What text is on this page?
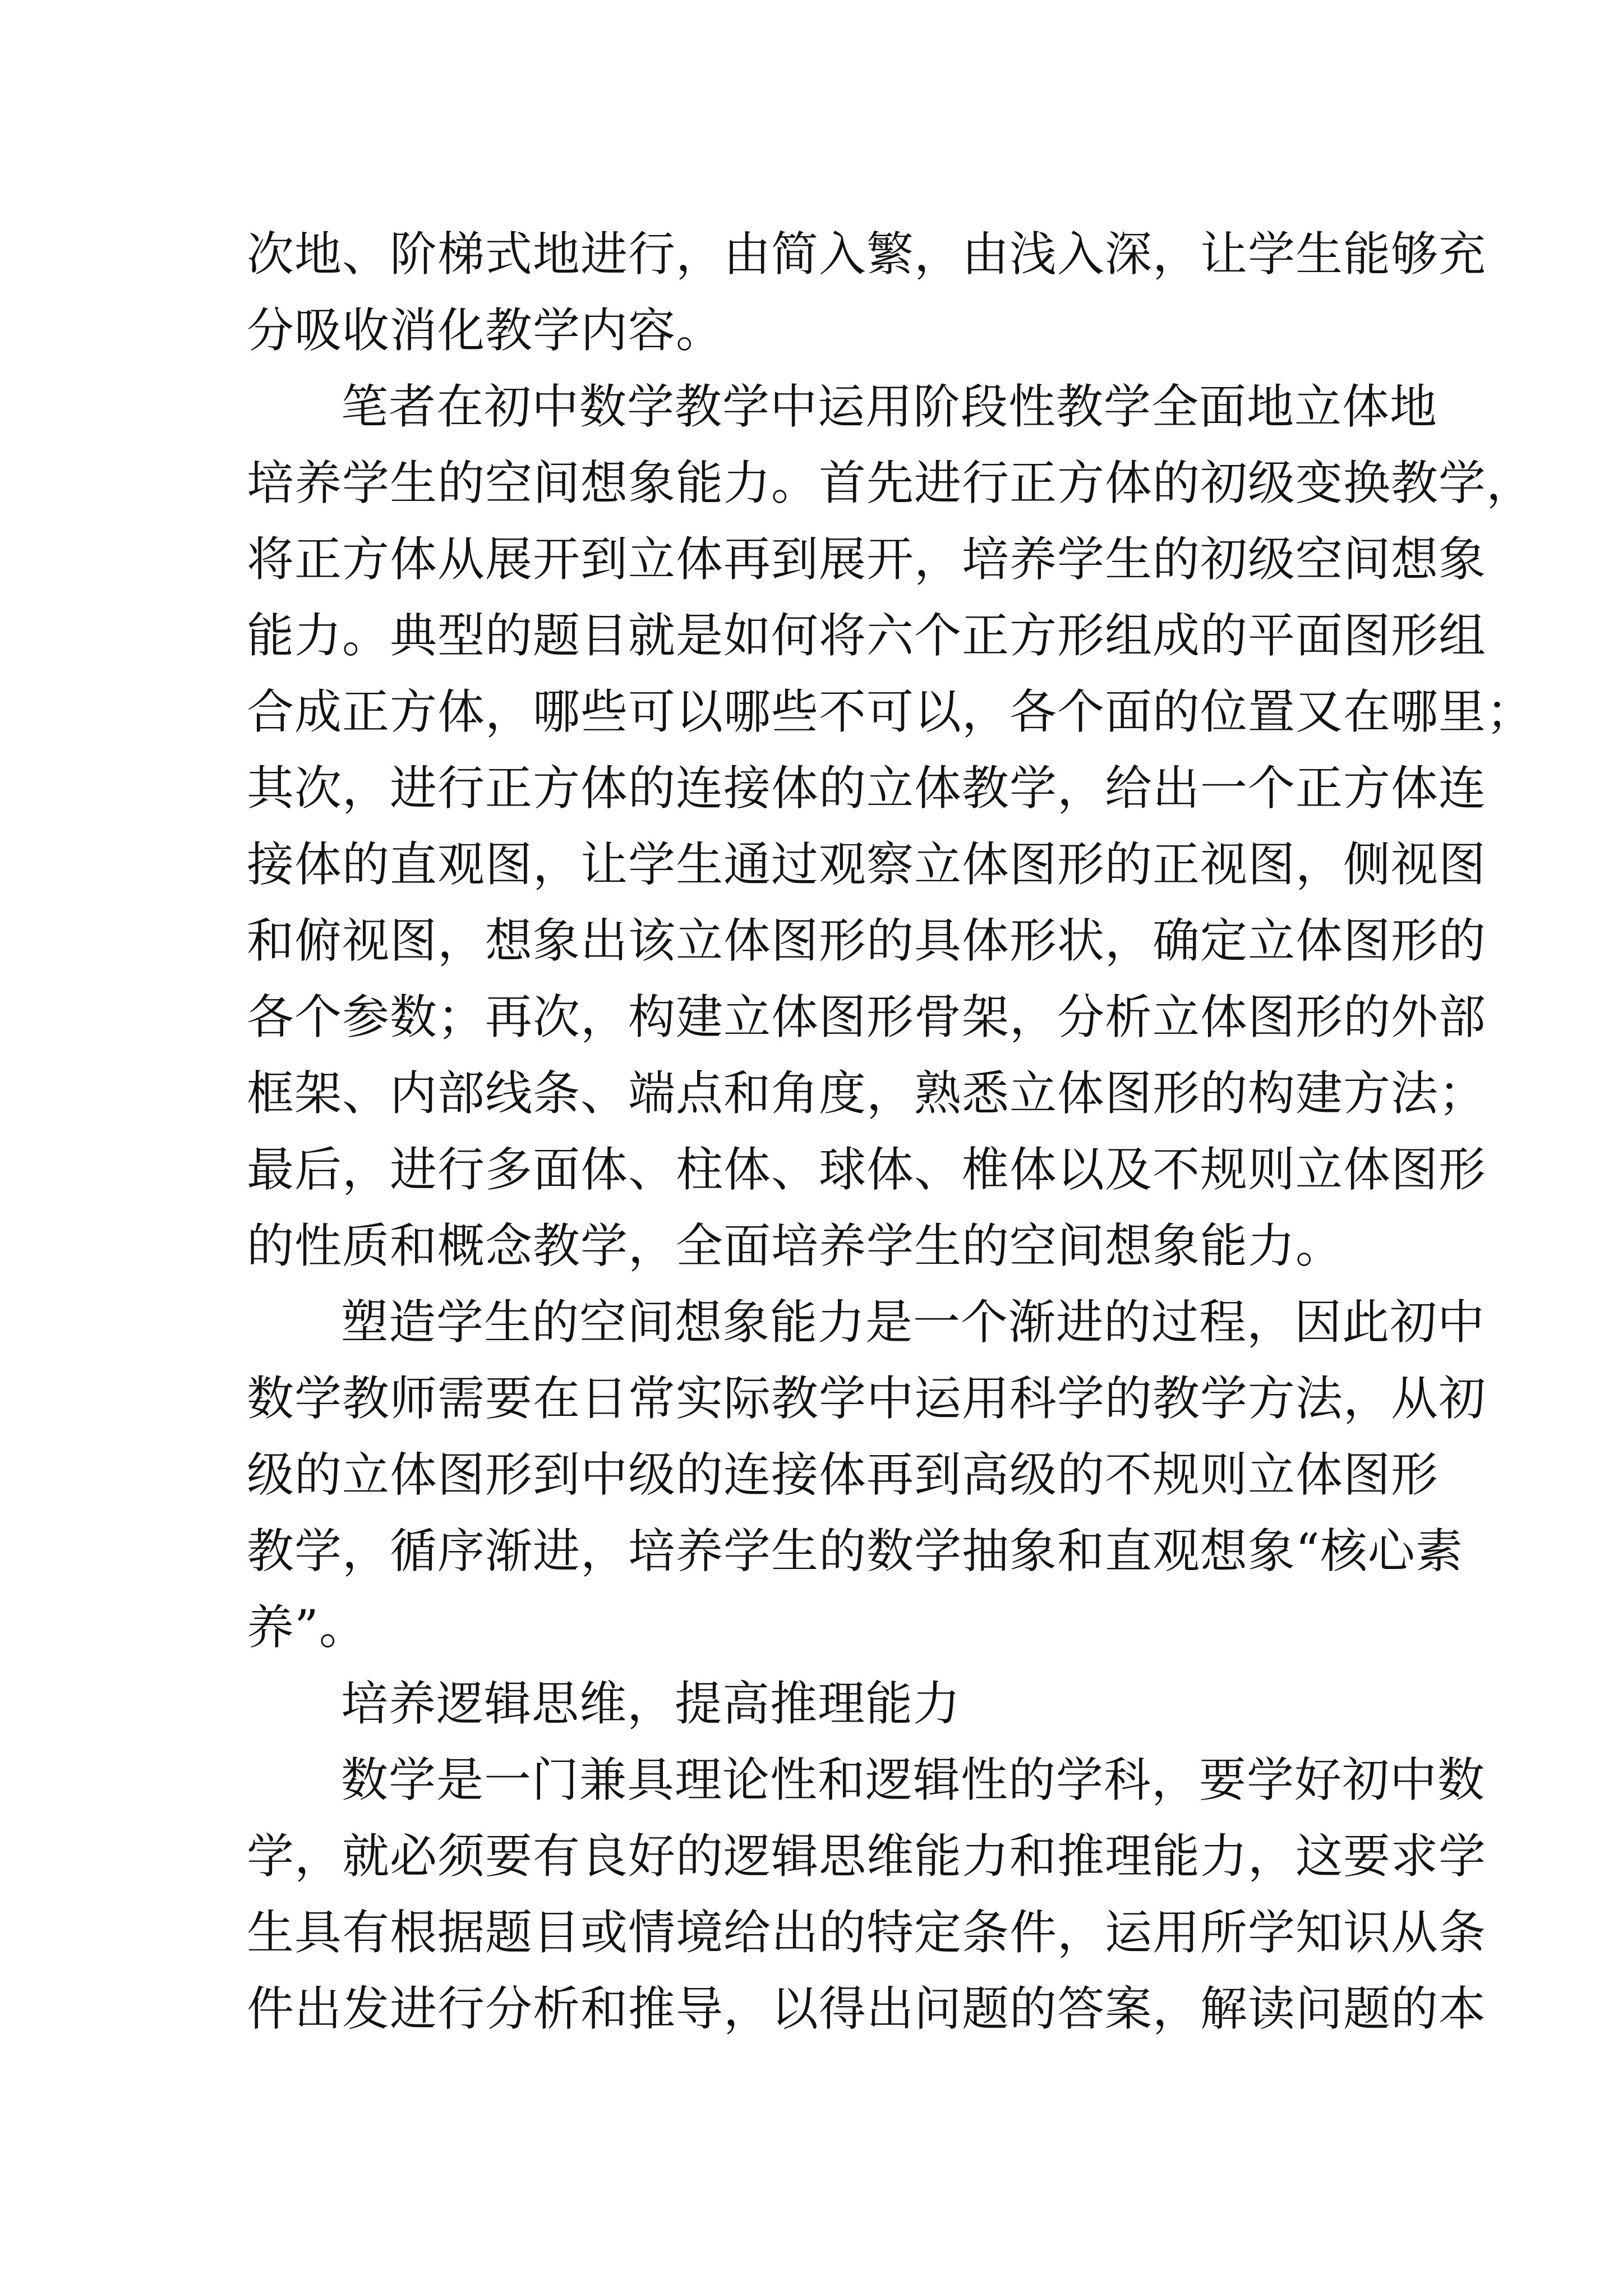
次地、阶梯式地进行，由简入繁，由浅入深，让学生能够充
分吸收消化教学内容。
笔者在初中数学教学中运用阶段性教学全面地立体地
培养学生的空间想象能力。首先进行正方体的初级变换教学，
将正方体从展开到立体再到展开，培养学生的初级空间想象
能力。典型的题目就是如何将六个正方形组成的平面图形组
合成正方体，哪些可以哪些不可以，各个面的位置又在哪里；
其次，进行正方体的连接体的立体教学，给出一个正方体连
接体的直观图，让学生通过观察立体图形的正视图，侧视图
和俯视图，想象出该立体图形的具体形状，确定立体图形的
各个参数；再次，构建立体图形骨架，分析立体图形的外部
框架、内部线条、端点和角度，熟悉立体图形的构建方法；
最后，进行多面体、柱体、球体、椎体以及不规则立体图形
的性质和概念教学，全面培养学生的空间想象能力。
塑造学生的空间想象能力是一个渐进的过程，因此初中
数学教师需要在日常实际教学中运用科学的教学方法，从初
级的立体图形到中级的连接体再到高级的不规则立体图形
教学，循序渐进，培养学生的数学抽象和直观想象“核心素
养”。
培养逻辑思维，提高推理能力
数学是一门兼具理论性和逻辑性的学科，要学好初中数
学，就必须要有良好的逻辑思维能力和推理能力，这要求学
生具有根据题目或情境给出的特定条件，运用所学知识从条
件出发进行分析和推导，以得出问题的答案，解读问题的本
